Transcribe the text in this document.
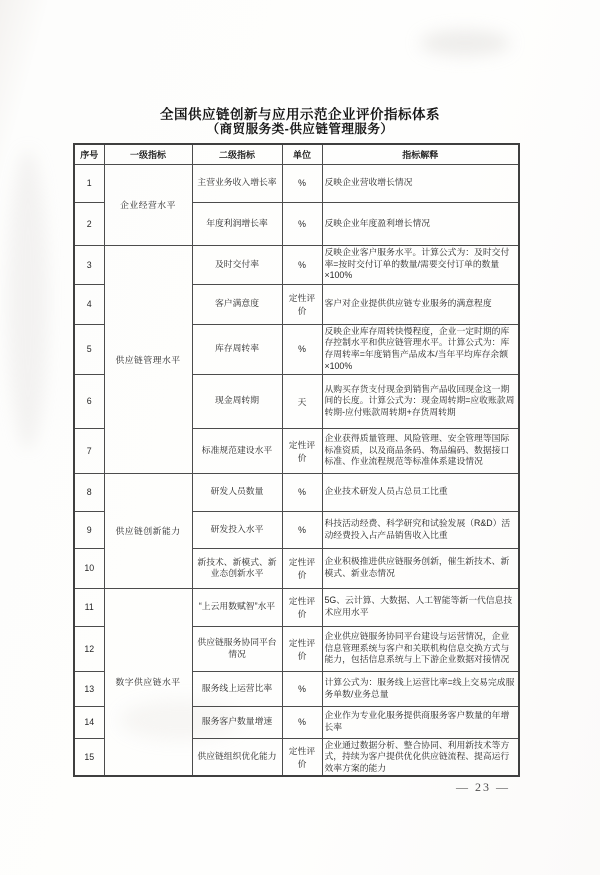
全国供应链创新与应用示范企业评价指标体系
（商贸服务类-供应链管理服务）
序号	一级指标	二级指标	单位	指标解释
1	企业经营水平	主营业务收入增长率	%	反映企业营收增长情况
2		年度利润增长率	%	反映企业年度盈利增长情况
3	供应链管理水平	及时交付率	%	反映企业客户服务水平。计算公式为：及时交付率=按时交付订单的数量/需要交付订单的数量×100%
4		客户满意度	定性评价	客户对企业提供供应链专业服务的满意程度
5		库存周转率	%	反映企业库存周转快慢程度，企业一定时期的库存控制水平和供应链管理水平。计算公式为：库存周转率=年度销售产品成本/当年平均库存余额×100%
6		现金周转期	天	从购买存货支付现金到销售产品收回现金这一期间的长度。计算公式为：现金周转期=应收账款周转期-应付账款周转期+存货周转期
7		标准规范建设水平	定性评价	企业获得质量管理、风险管理、安全管理等国际标准资质，以及商品条码、物品编码、数据接口标准、作业流程规范等标准体系建设情况
8	供应链创新能力	研发人员数量	%	企业技术研发人员占总员工比重
9		研发投入水平	%	科技活动经费、科学研究和试验发展（R&D）活动经费投入占产品销售收入比重
10		新技术、新模式、新业态创新水平	定性评价	企业积极推进供应链服务创新，催生新技术、新模式、新业态情况
11	数字供应链水平	“上云用数赋智”水平	定性评价	5G、云计算、大数据、人工智能等新一代信息技术应用水平
12		供应链服务协同平台情况	定性评价	企业供应链服务协同平台建设与运营情况，企业信息管理系统与客户和关联机构信息交换方式与能力，包括信息系统与上下游企业数据对接情况
13		服务线上运营比率	%	计算公式为：服务线上运营比率=线上交易完成服务单数/业务总量
14		服务客户数量增速	%	企业作为专业化服务提供商服务客户数量的年增长率
15		供应链组织优化能力	定性评价	企业通过数据分析、整合协同、利用新技术等方式，持续为客户提供优化供应链流程、提高运行效率方案的能力
— 23 —
